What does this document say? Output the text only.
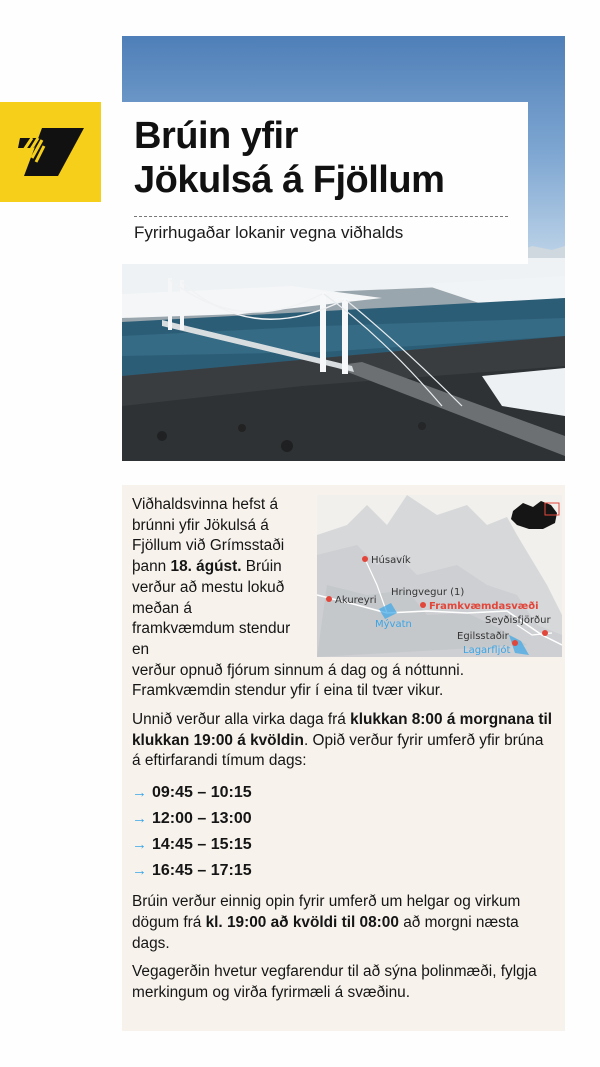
Brúin yfir
Jökulsá á Fjöllum
Fyrirhugaðar lokanir vegna viðhalds
Viðhaldsvinna hefst á brúnni yfir Jökulsá á Fjöllum við Grímsstaði þann 18. ágúst. Brúin verður að mestu lokuð meðan á framkvæmdum stendur en
verður opnuð fjórum sinnum á dag og á nóttunni. Framkvæmdin stendur yfir í eina til tvær vikur.
Húsavík
Akureyri
Hringvegur (1)
Framkvæmdasvæði
Seyðisfjörður
Egilsstaðir
Mývatn
Lagarfljót
Unnið verður alla virka daga frá klukkan 8:00 á morgnana til klukkan 19:00 á kvöldin. Opið verður fyrir umferð yfir brúna á eftirfarandi tímum dags:
→ 09:45 – 10:15
→ 12:00 – 13:00
→ 14:45 – 15:15
→ 16:45 – 17:15
Brúin verður einnig opin fyrir umferð um helgar og virkum dögum frá kl. 19:00 að kvöldi til 08:00 að morgni næsta dags.
Vegagerðin hvetur vegfarendur til að sýna þolinmæði, fylgja merkingum og virða fyrirmæli á svæðinu.
